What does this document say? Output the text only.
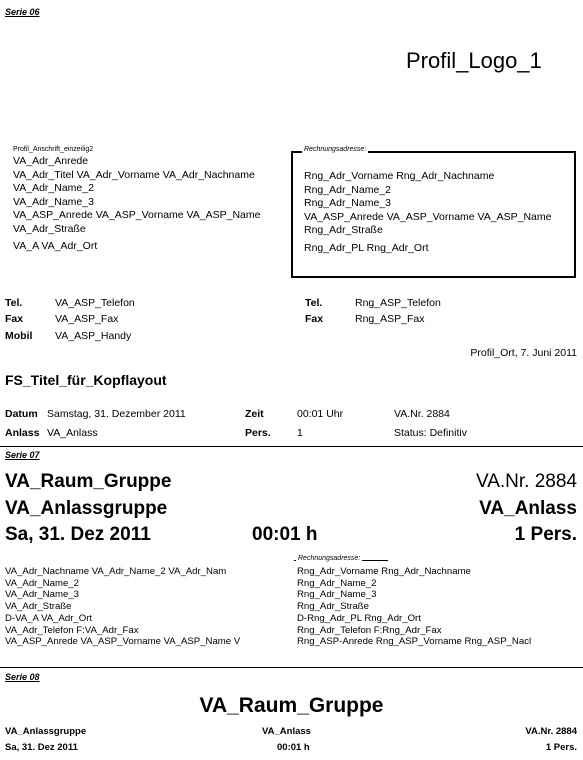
Serie 06
Profil_Logo_1
Profil_Anschrift_einzeilig2
VA_Adr_Anrede
VA_Adr_Titel VA_Adr_Vorname VA_Adr_Nachname
VA_Adr_Name_2
VA_Adr_Name_3
VA_ASP_Anrede VA_ASP_Vorname VA_ASP_Name
VA_Adr_Straße
VA_A VA_Adr_Ort
Rechnungsadresse:
Rng_Adr_Vorname Rng_Adr_Nachname
Rng_Adr_Name_2
Rng_Adr_Name_3
VA_ASP_Anrede VA_ASP_Vorname VA_ASP_Name
Rng_Adr_Straße
Rng_Adr_PL Rng_Adr_Ort
Tel.	VA_ASP_Telefon
Fax	VA_ASP_Fax
Mobil VA_ASP_Handy
Tel.	Rng_ASP_Telefon
Fax	Rng_ASP_Fax
Profil_Ort, 7. Juni 2011
FS_Titel_für_Kopflayout
Datum Samstag, 31. Dezember 2011	Zeit	00:01 Uhr	VA.Nr. 2884
Anlass VA_Anlass	Pers.	1	Status: Definitiv
Serie 07
VA_Raum_Gruppe	VA.Nr. 2884
VA_Anlassgruppe	VA_Anlass
Sa, 31. Dez 2011	00:01 h	1 Pers.
Rechnungsadresse:
VA_Adr_Nachname VA_Adr_Name_2 VA_Adr_Nam
VA_Adr_Name_2
VA_Adr_Name_3
VA_Adr_Straße
D-VA_A VA_Adr_Ort
VA_Adr_Telefon F:VA_Adr_Fax
VA_ASP_Anrede VA_ASP_Vorname VA_ASP_Name V
Rng_Adr_Vorname Rng_Adr_Nachname
Rng_Adr_Name_2
Rng_Adr_Name_3
Rng_Adr_Straße
D-Rng_Adr_PL Rng_Adr_Ort
Rng_Adr_Telefon F:Rng_Adr_Fax
Rng_ASP-Anrede Rng_ASP_Vorname Rng_ASP_Nacl
Serie 08
VA_Raum_Gruppe
VA_Anlassgruppe	VA_Anlass	VA.Nr. 2884
Sa, 31. Dez 2011	00:01 h	1 Pers.
